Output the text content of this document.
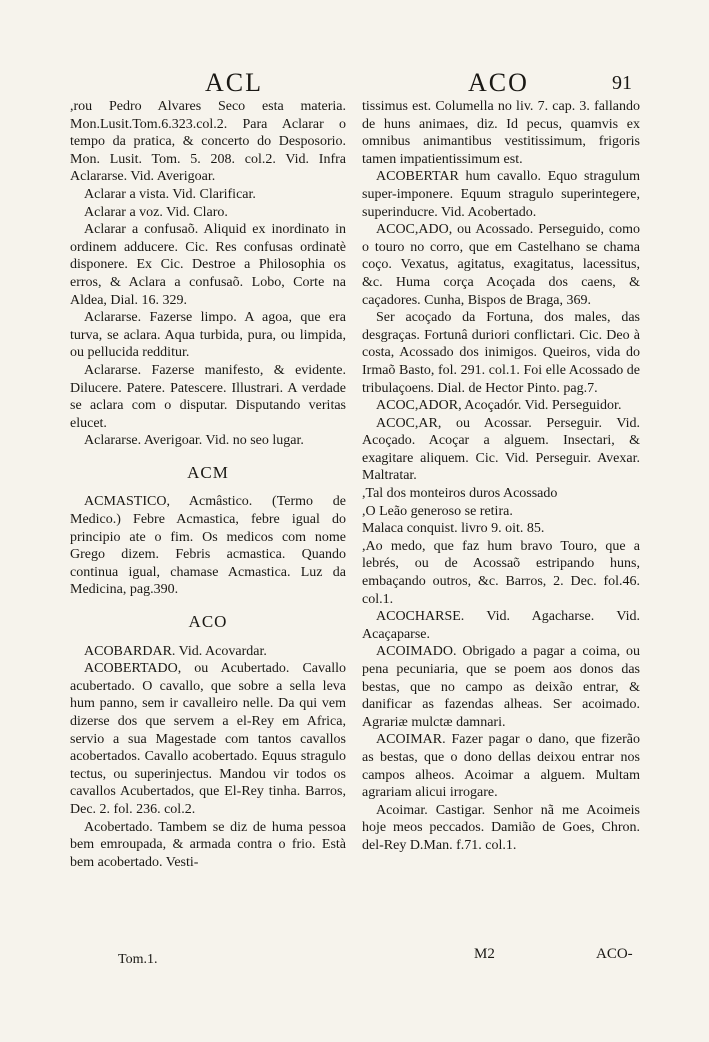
ACL	ACO	91

,rou Pedro Alvares Seco esta materia. Mon.Lusit.Tom.6.323.col.2. Para Aclarar o tempo da pratica, & concerto do Desposorio. Mon. Lusit. Tom. 5. 208. col.2. Vid. Infra Aclararse. Vid. Averigoar.

Aclarar a vista. Vid. Clarificar.

Aclarar a voz. Vid. Claro.

Aclarar a confusaõ. Aliquid ex inordinato in ordinem adducere. Cic. Res confusas ordinatè disponere. Ex Cic. Destroe a Philosophia os erros, & Aclara a confusaõ. Lobo, Corte na Aldea, Dial. 16. 329.

Aclararse. Fazerse limpo. A agoa, que era turva, se aclara. Aqua turbida, pura, ou limpida, ou pellucida redditur.

Aclararse. Fazerse manifesto, & evidente. Dilucere. Patere. Patescere. Illustrari. A verdade se aclara com o disputar. Disputando veritas elucet.

Aclararse. Averigoar. Vid. no seo lugar.

ACM

ACMASTICO, Acmâstico. (Termo de Medico.) Febre Acmastica, febre igual do principio ate o fim. Os medicos com nome Grego dizem. Febris acmastica. Quando continua igual, chamase Acmastica. Luz da Medicina, pag.390.

ACO

ACOBARDAR. Vid. Acovardar.

ACOBERTADO, ou Acubertado. Cavallo acubertado. O cavallo, que sobre a sella leva hum panno, sem ir cavalleiro nelle. Da qui vem dizerse dos que servem a el-Rey em Africa, servio a sua Magestade com tantos cavallos acobertados. Cavallo acobertado. Equus stragulo tectus, ou superinjectus. Mandou vir todos os cavallos Acubertados, que El-Rey tinha. Barros, Dec. 2. fol. 236. col.2.

Acobertado. Tambem se diz de huma pessoa bem emroupada, & armada contra o frio. Està bem acobertado. Vesti-

tissimus est. Columella no liv. 7. cap. 3. fallando de huns animaes, diz. Id pecus, quamvis ex omnibus animantibus vestitissimum, frigoris tamen impatientissimum est.

ACOBERTAR hum cavallo. Equo stragulum super-imponere. Equum stragulo superintegere, superinducre. Vid. Acobertado.

ACOC,ADO, ou Acossado. Perseguido, como o touro no corro, que em Castelhano se chama coço. Vexatus, agitatus, exagitatus, lacessitus, &c. Huma corça Acoçada dos caens, & caçadores. Cunha, Bispos de Braga, 369.

Ser acoçado da Fortuna, dos males, das desgraças. Fortunâ duriori conflictari. Cic. Deo à costa, Acossado dos inimigos. Queiros, vida do Irmaõ Basto, fol. 291. col.1. Foi elle Acossado de tribulaçoens. Dial. de Hector Pinto. pag.7.

ACOC,ADOR, Acoçadór. Vid. Perseguidor.

ACOC,AR, ou Acossar. Perseguir. Vid. Acoçado. Acoçar a alguem. Insectari, & exagitare aliquem. Cic. Vid. Perseguir. Avexar. Maltratar.

,Tal dos monteiros duros Acossado

,O Leão generoso se retira.

Malaca conquist. livro 9. oit. 85.

,Ao medo, que faz hum bravo Touro, que a lebrés, ou de Acossaõ estripando huns, embaçando outros, &c. Barros, 2. Dec. fol.46. col.1.

ACOCHARSE. Vid. Agacharse. Vid. Acaçaparse.

ACOIMADO. Obrigado a pagar a coima, ou pena pecuniaria, que se poem aos donos das bestas, que no campo as deixão entrar, & danificar as fazendas alheas. Ser acoimado. Agrariæ mulctæ damnari.

ACOIMAR. Fazer pagar o dano, que fizerão as bestas, que o dono dellas deixou entrar nos campos alheos. Acoimar a alguem. Multam agrariam alicui irrogare.

Acoimar. Castigar. Senhor nã me Acoimeis hoje meos peccados. Damião de Goes, Chron. del-Rey D.Man. f.71. col.1.

Tom.1.	M2	ACO-
